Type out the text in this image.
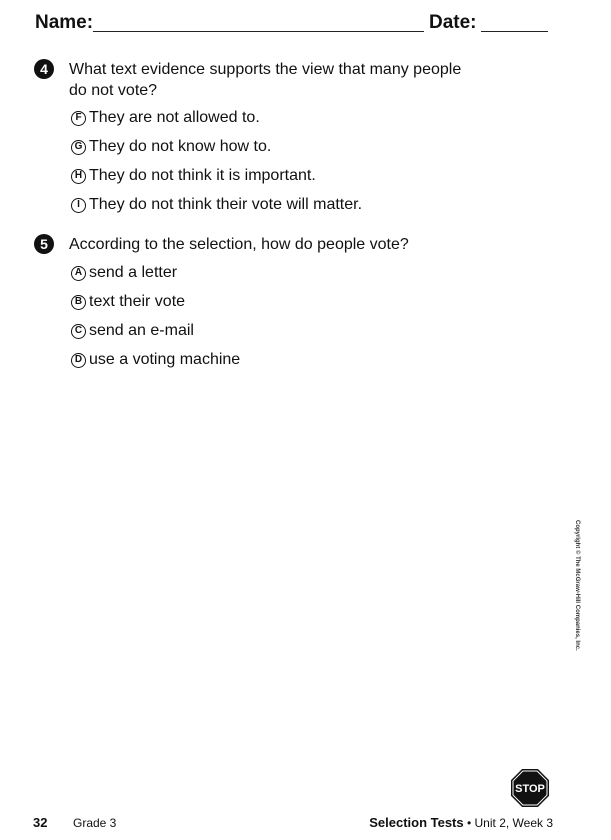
Name:	Date:
4	What text evidence supports the view that many people do not vote?
F They are not allowed to.
G They do not know how to.
H They do not think it is important.
I They do not think their vote will matter.
5	According to the selection, how do people vote?
A send a letter
B text their vote
C send an e-mail
D use a voting machine
Copyright © The McGraw-Hill Companies, Inc.
STOP
32 Grade 3	Selection Tests • Unit 2, Week 3
